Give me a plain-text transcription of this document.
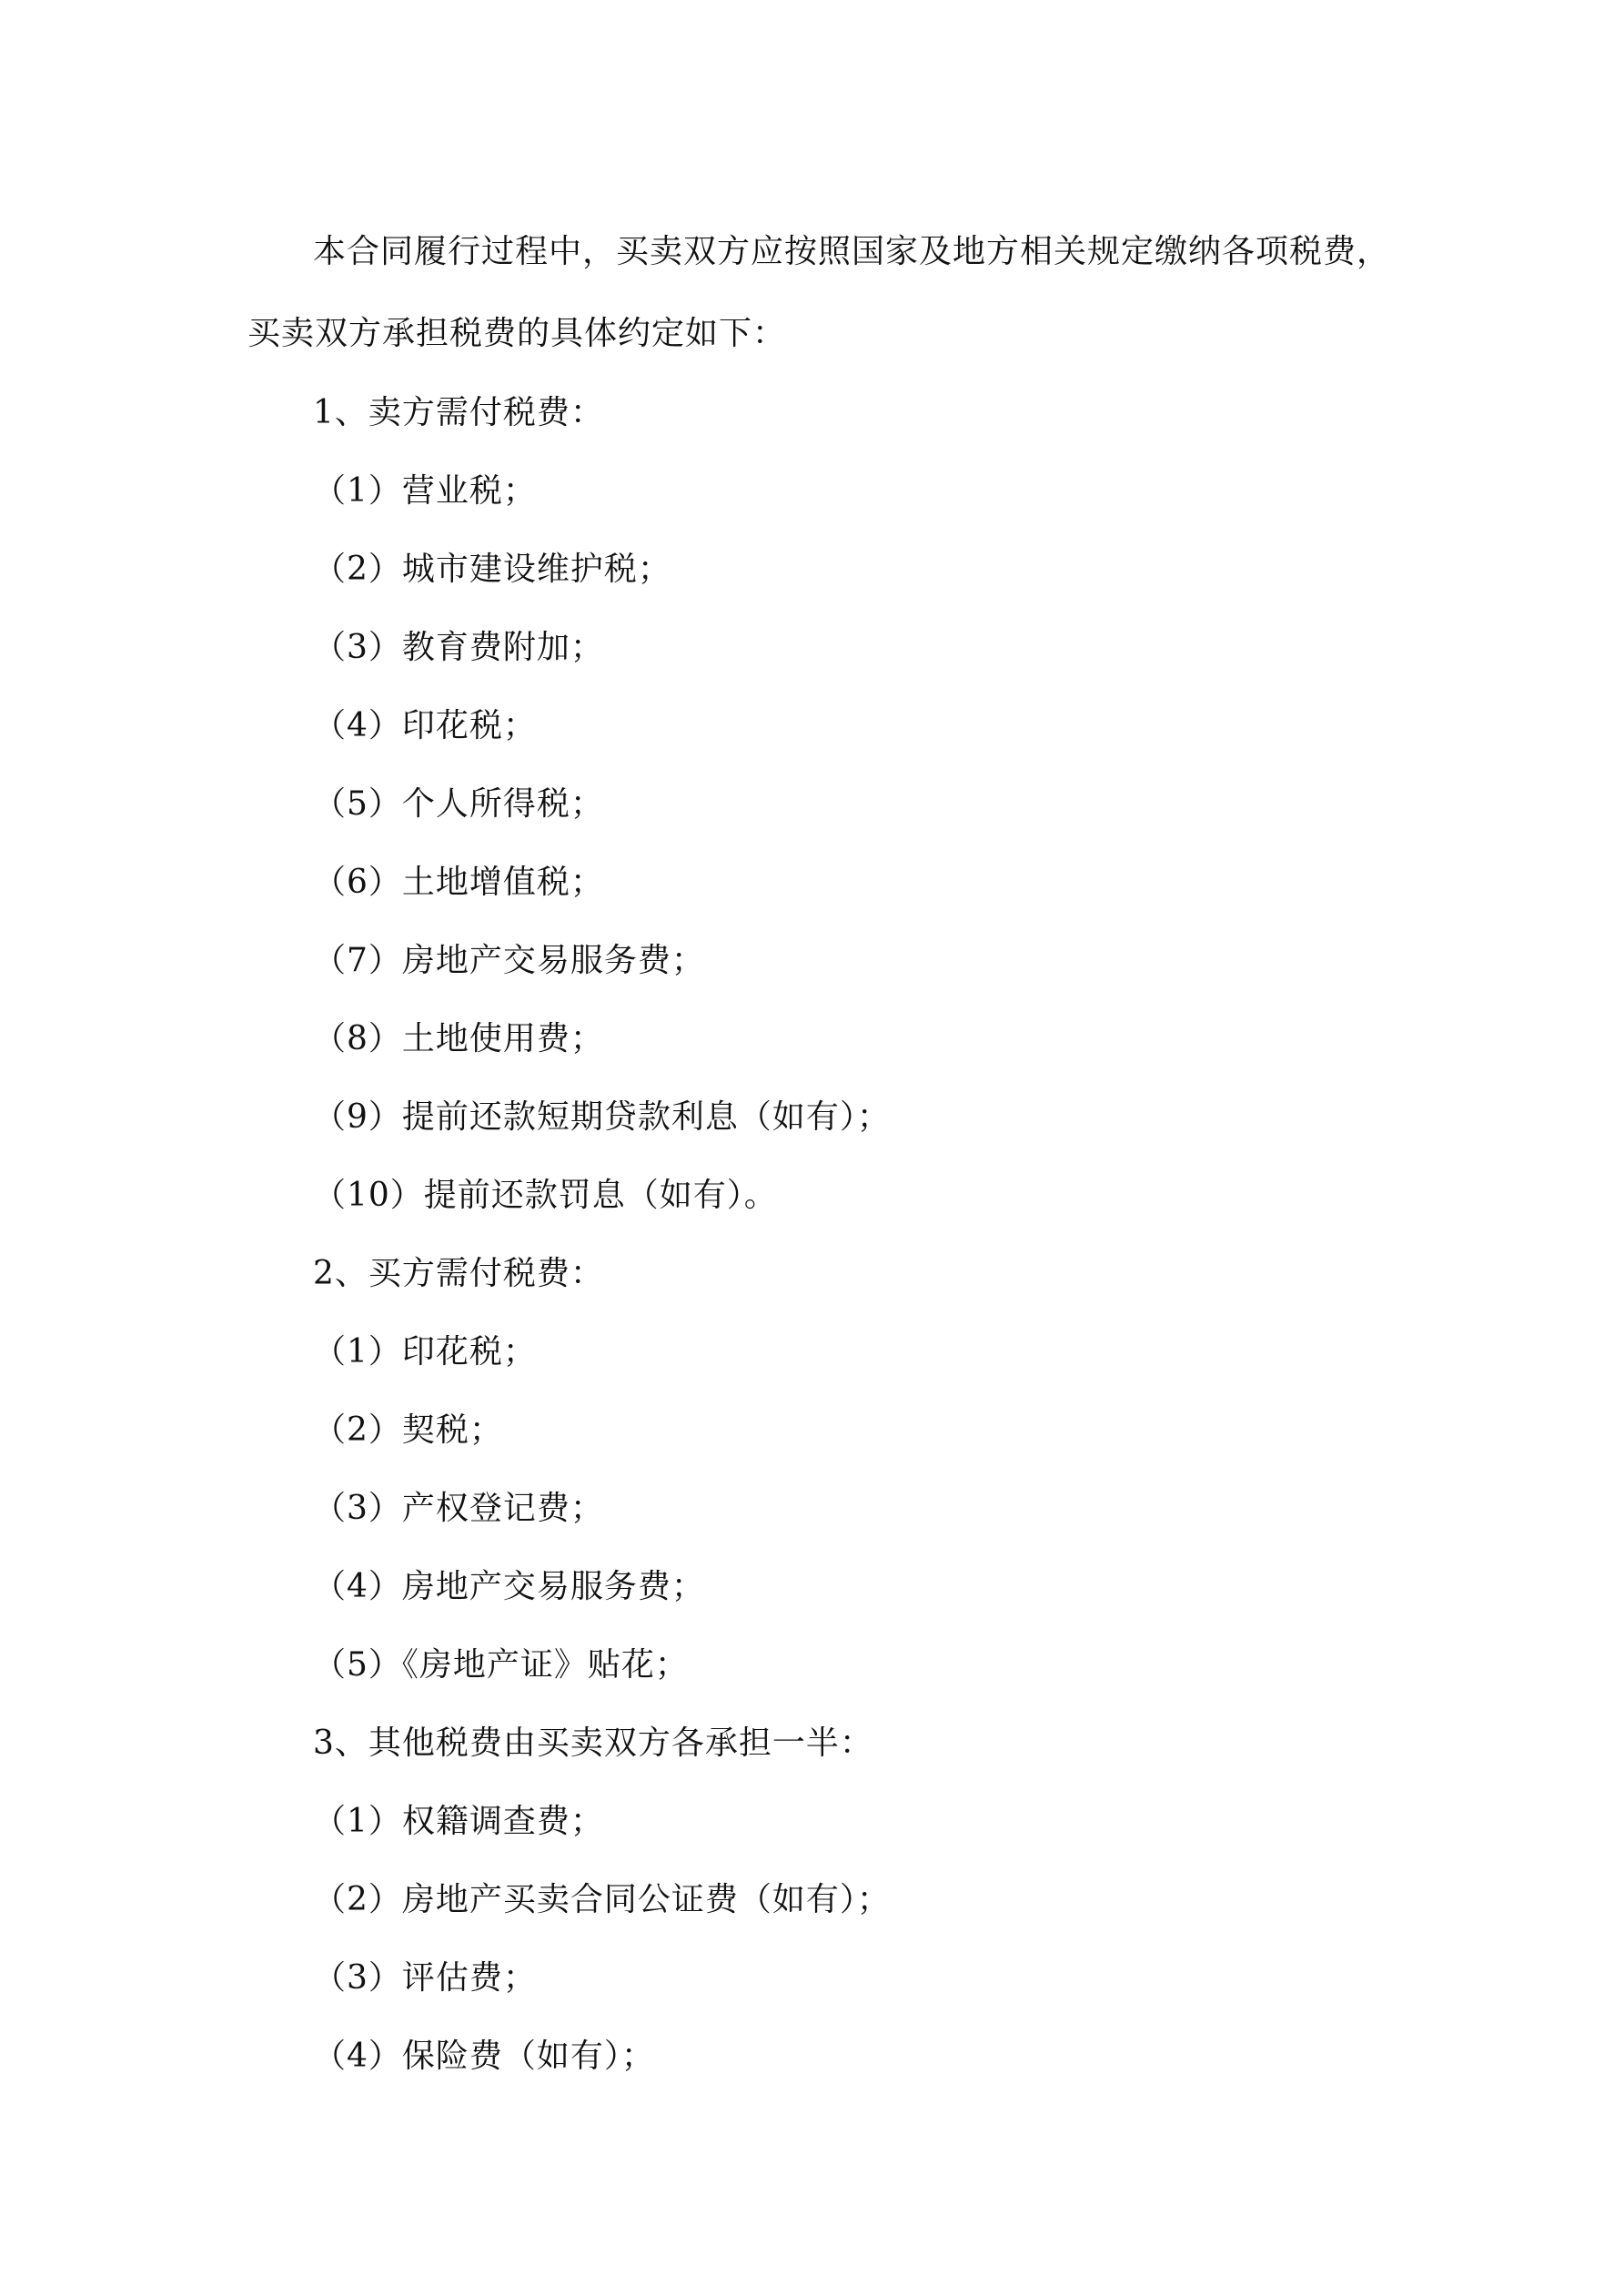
本合同履行过程中，买卖双方应按照国家及地方相关规定缴纳各项税费，买卖双方承担税费的具体约定如下：

1、卖方需付税费：

（1）营业税；

（2）城市建设维护税；

（3）教育费附加；

（4）印花税；

（5）个人所得税；

（6）土地增值税；

（7）房地产交易服务费；

（8）土地使用费；

（9）提前还款短期贷款利息（如有）；

（10）提前还款罚息（如有）。

2、买方需付税费：

（1）印花税；

（2）契税；

（3）产权登记费；

（4）房地产交易服务费；

（5）《房地产证》贴花；

3、其他税费由买卖双方各承担一半：

（1）权籍调查费；

（2）房地产买卖合同公证费（如有）；

（3）评估费；

（4）保险费（如有）；
